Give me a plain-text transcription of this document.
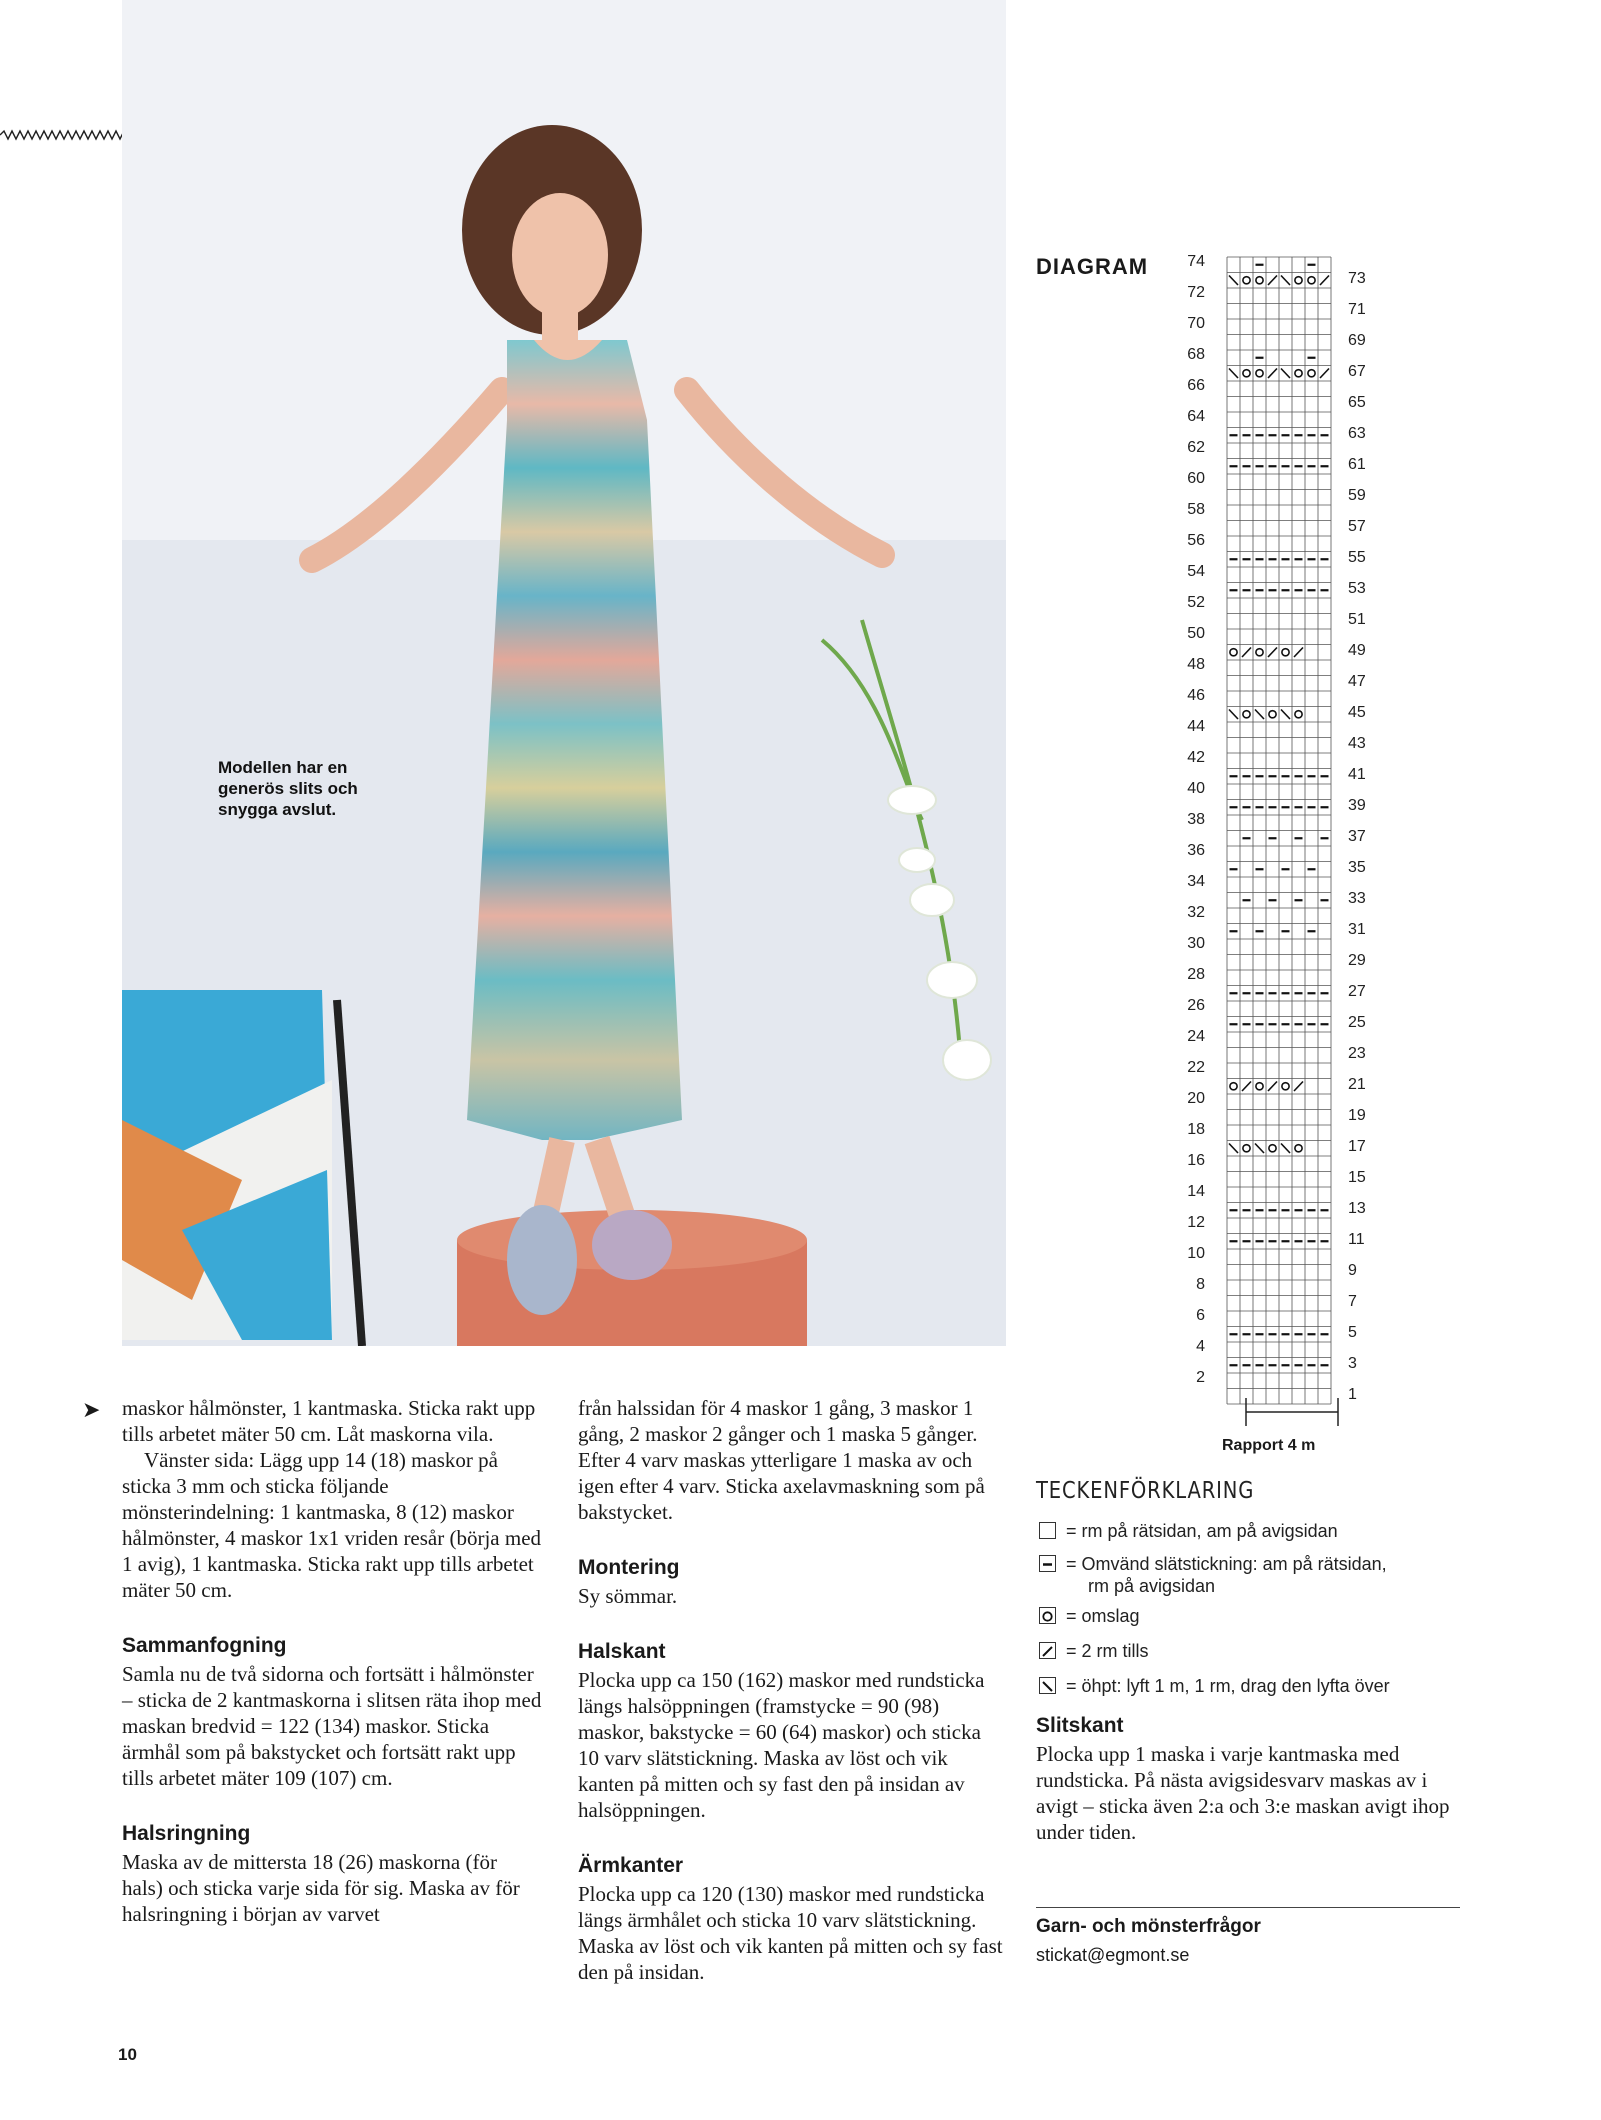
Modellen har en generös slits och snygga avslut.
➤ maskor hålmönster, 1 kantmaska. Sticka rakt upp tills arbetet mäter 50 cm. Låt maskorna vila.

Vänster sida: Lägg upp 14 (18) maskor på sticka 3 mm och sticka följande mönsterindelning: 1 kantmaska, 8 (12) maskor hålmönster, 4 maskor 1x1 vriden resår (börja med 1 avig), 1 kantmaska. Sticka rakt upp tills arbetet mäter 50 cm.

Sammanfogning

Samla nu de två sidorna och fortsätt i hålmönster – sticka de 2 kantmaskorna i slitsen räta ihop med maskan bredvid = 122 (134) maskor. Sticka ärmhål som på bakstycket och fortsätt rakt upp tills arbetet mäter 109 (107) cm.

Halsringning

Maska av de mittersta 18 (26) maskorna (för hals) och sticka varje sida för sig. Maska av för halsringning i början av varvet

från halssidan för 4 maskor 1 gång, 3 maskor 1 gång, 2 maskor 2 gånger och 1 maska 5 gånger. Efter 4 varv maskas ytterligare 1 maska av och igen efter 4 varv. Sticka axelavmaskning som på bakstycket.

Montering

Sy sömmar.

Halskant

Plocka upp ca 150 (162) maskor med rundsticka längs halsöppningen (framstycke = 90 (98) maskor, bakstycke = 60 (64) maskor) och sticka 10 varv slätstickning. Maska av löst och vik kanten på mitten och sy fast den på insidan av halsöppningen.

Ärmkanter

Plocka upp ca 120 (130) maskor med rundsticka längs ärmhålet och sticka 10 varv slätstickning. Maska av löst och vik kanten på mitten och sy fast den på insidan.

DIAGRAM	74
72
70
68
66
64
62
60
58
56
54
52
50
48
46
44
42
40
38
36
34
32
30
28
26
24
22
20
18
16
14
12
10
8
6
4
2
73
71
69
67
65
63
61
59
57
55
53
51
49
47
45
43
41
39
37
35
33
31
29
27
25
23
21
19
17
15
13
11
9
7
5
3
1
Rapport 4 m
TECKENFÖRKLARING
= rm på rätsidan, am på avigsidan
= Omvänd slätstickning: am på rätsidan,
rm på avigsidan
= omslag
= 2 rm tills
= öhpt: lyft 1 m, 1 rm, drag den lyfta över
Slitskant

Plocka upp 1 maska i varje kantmaska med rundsticka. På nästa avigsidesvarv maskas av i avigt – sticka även 2:a och 3:e maskan avigt ihop under tiden.

Garn- och mönsterfrågor
stickat@egmont.se
10
